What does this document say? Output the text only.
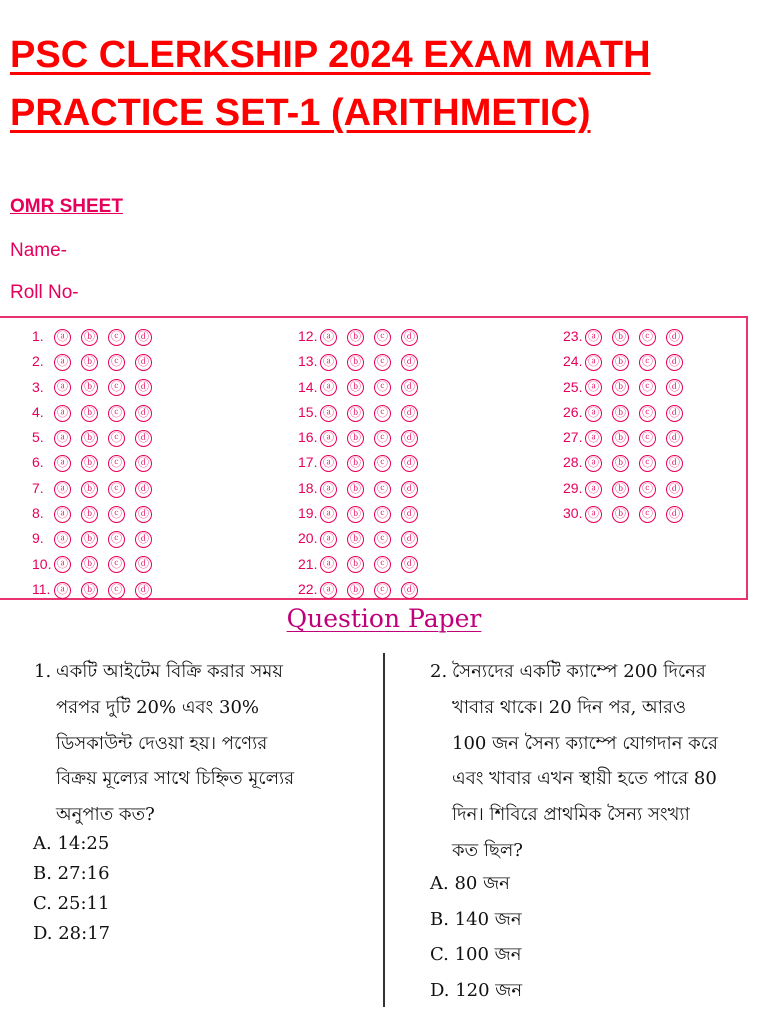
PSC CLERKSHIP 2024 EXAM MATH
PRACTICE SET-1 (ARITHMETIC)
OMR SHEET
Name-
Roll No-
1. ⓐ ⓑ ⓒ ⓓ
2. ⓐ ⓑ ⓒ ⓓ
3. ⓐ ⓑ ⓒ ⓓ
4. ⓐ ⓑ ⓒ ⓓ
5. ⓐ ⓑ ⓒ ⓓ
6. ⓐ ⓑ ⓒ ⓓ
7. ⓐ ⓑ ⓒ ⓓ
8. ⓐ ⓑ ⓒ ⓓ
9. ⓐ ⓑ ⓒ ⓓ
10. ⓐ ⓑ ⓒ ⓓ
11. ⓐ ⓑ ⓒ ⓓ
12. ⓐ ⓑ ⓒ ⓓ
13. ⓐ ⓑ ⓒ ⓓ
14. ⓐ ⓑ ⓒ ⓓ
15. ⓐ ⓑ ⓒ ⓓ
16. ⓐ ⓑ ⓒ ⓓ
17. ⓐ ⓑ ⓒ ⓓ
18. ⓐ ⓑ ⓒ ⓓ
19. ⓐ ⓑ ⓒ ⓓ
20. ⓐ ⓑ ⓒ ⓓ
21. ⓐ ⓑ ⓒ ⓓ
22. ⓐ ⓑ ⓒ ⓓ
23. ⓐ ⓑ ⓒ ⓓ
24. ⓐ ⓑ ⓒ ⓓ
25. ⓐ ⓑ ⓒ ⓓ
26. ⓐ ⓑ ⓒ ⓓ
27. ⓐ ⓑ ⓒ ⓓ
28. ⓐ ⓑ ⓒ ⓓ
29. ⓐ ⓑ ⓒ ⓓ
30. ⓐ ⓑ ⓒ ⓓ
Question Paper
1. একটি আইটেম বিক্রি করার সময়
পরপর দুটি 20% এবং 30%
ডিসকাউন্ট দেওয়া হয়। পণ্যের
বিক্রয় মূল্যের সাথে চিহ্নিত মূল্যের
অনুপাত কত?
A. 14:25
B. 27:16
C. 25:11
D. 28:17
2. সৈন্যদের একটি ক্যাম্পে 200 দিনের
খাবার থাকে। 20 দিন পর, আরও
100 জন সৈন্য ক্যাম্পে যোগদান করে
এবং খাবার এখন স্থায়ী হতে পারে 80
দিন। শিবিরে প্রাথমিক সৈন্য সংখ্যা
কত ছিল?
A. 80 জন
B. 140 জন
C. 100 জন
D. 120 জন
